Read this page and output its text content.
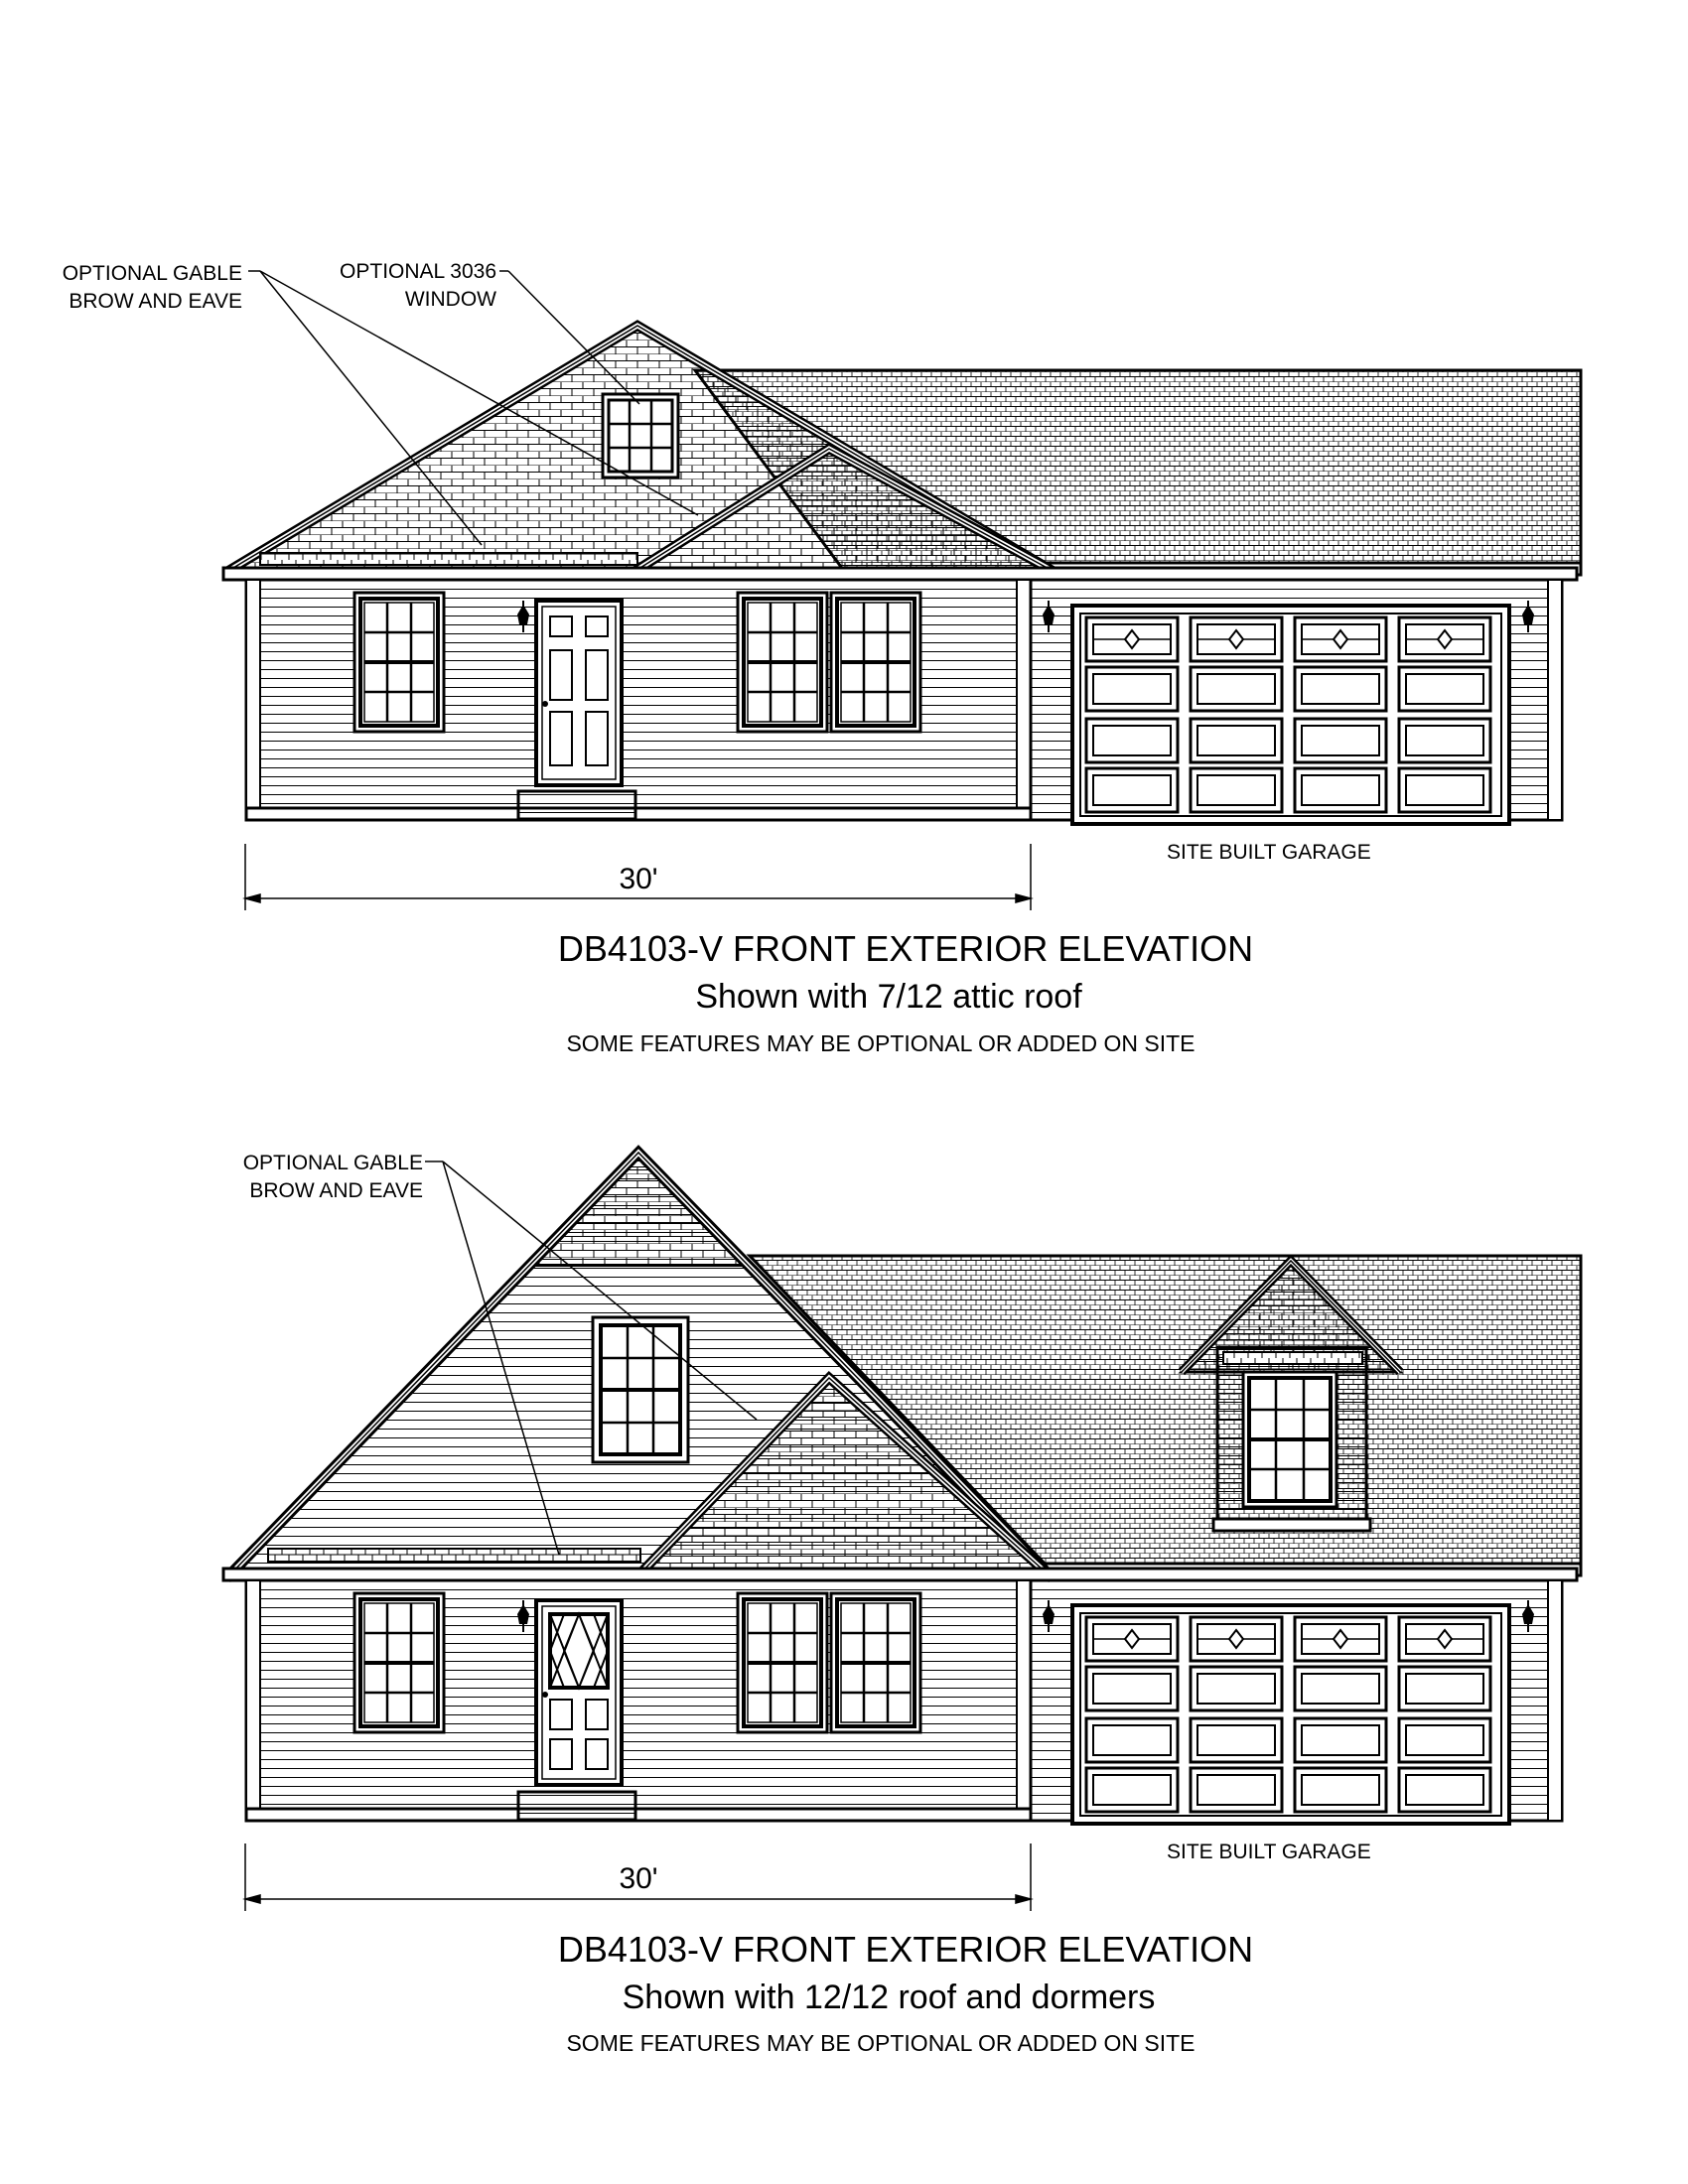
OPTIONAL GABLE
BROW AND EAVE
OPTIONAL 3036
WINDOW
SITE BUILT GARAGE
30'
DB4103-V FRONT EXTERIOR ELEVATION
Shown with 7/12 attic roof
SOME FEATURES MAY BE OPTIONAL OR ADDED ON SITE
OPTIONAL GABLE
BROW AND EAVE
SITE BUILT GARAGE
30'
DB4103-V FRONT EXTERIOR ELEVATION
Shown with 12/12 roof and dormers
SOME FEATURES MAY BE OPTIONAL OR ADDED ON SITE
